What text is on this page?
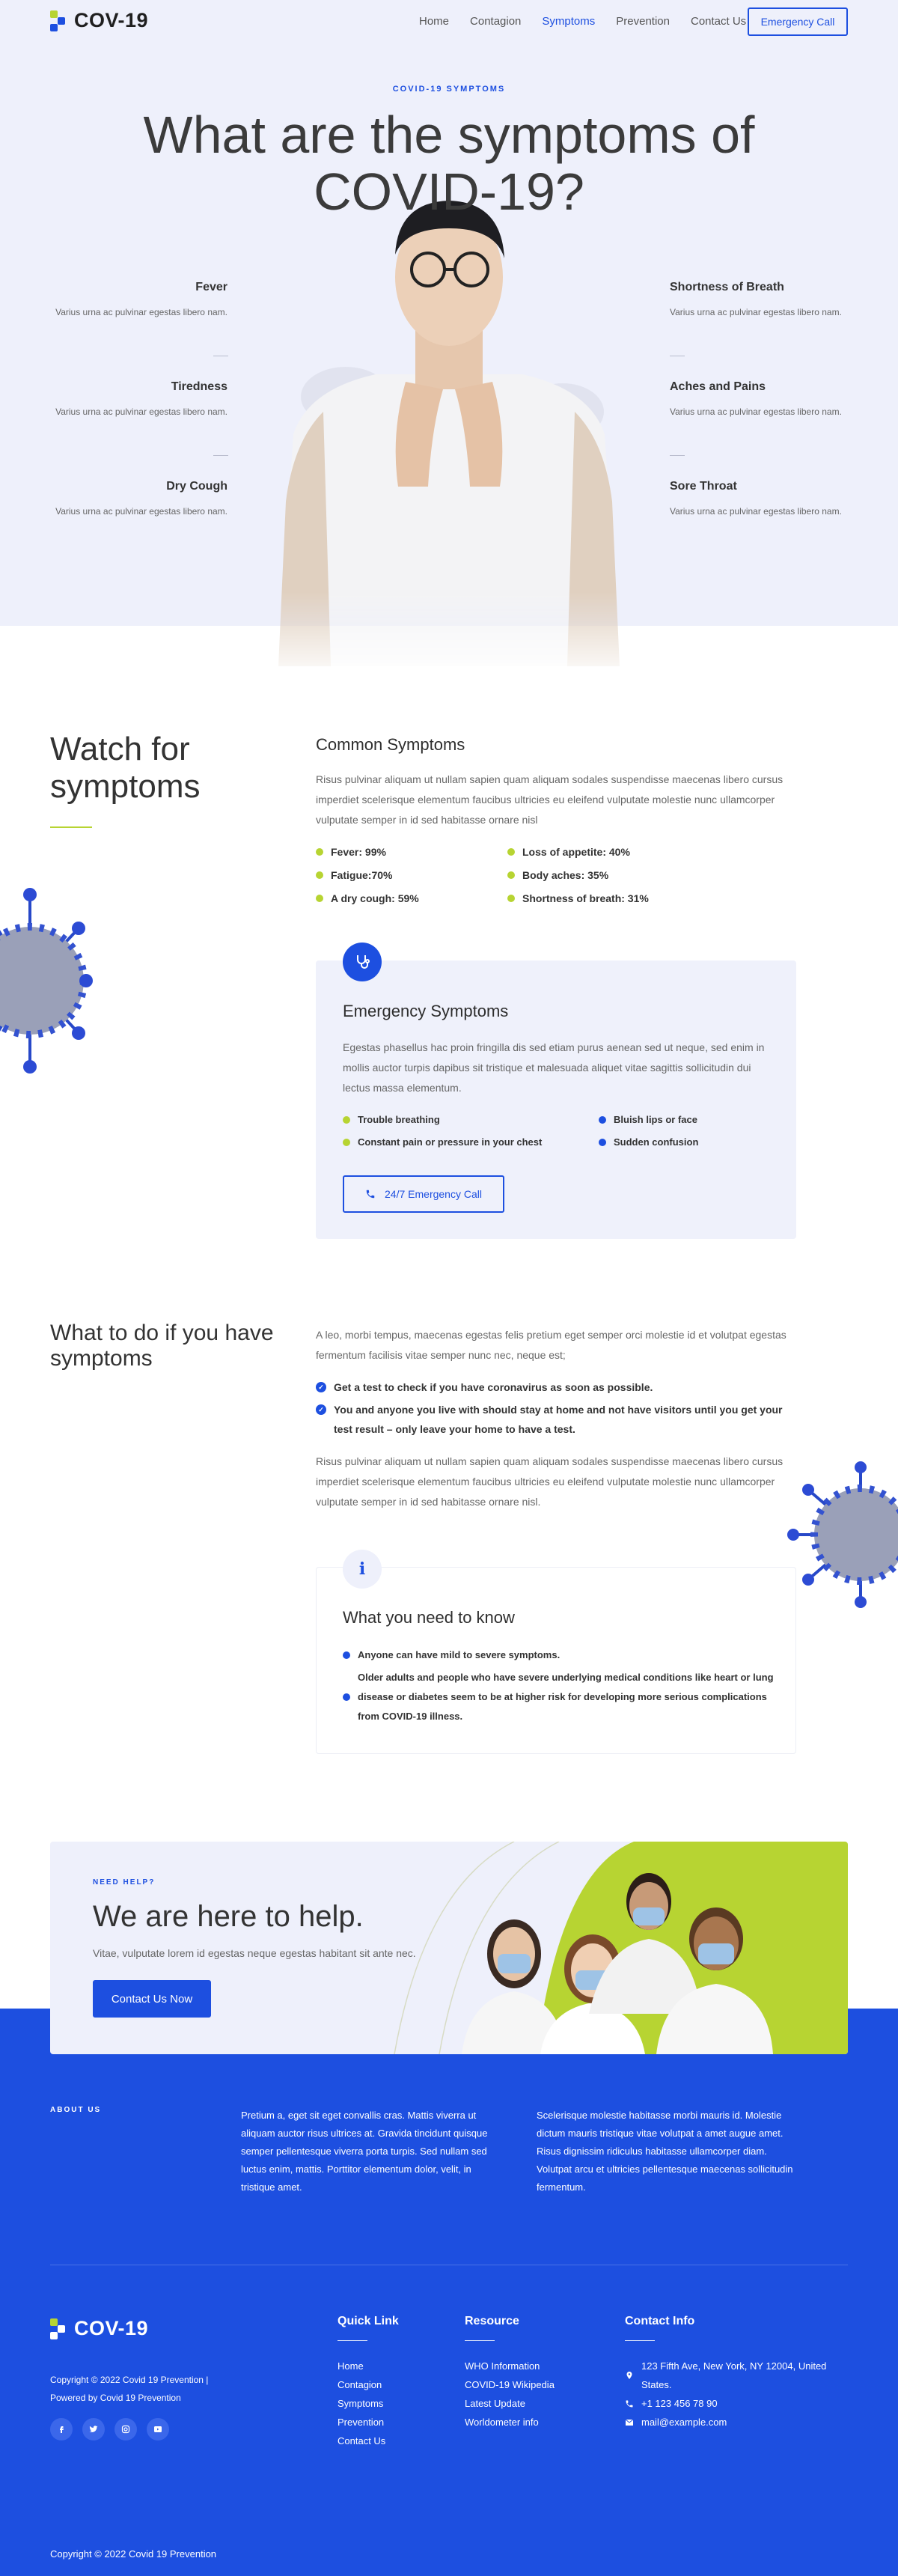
COV-19	Home	Contagion	Symptoms	Prevention	Contact Us	Emergency Call
COVID-19 SYMPTOMS
What are the symptoms of COVID-19?
Fever

Varius urna ac pulvinar egestas libero nam.

Tiredness

Varius urna ac pulvinar egestas libero nam.

Dry Cough

Varius urna ac pulvinar egestas libero nam.

Shortness of Breath

Varius urna ac pulvinar egestas libero nam.

Aches and Pains

Varius urna ac pulvinar egestas libero nam.

Sore Throat

Varius urna ac pulvinar egestas libero nam.

Watch for symptoms
Common Symptoms

Risus pulvinar aliquam ut nullam sapien quam aliquam sodales suspendisse maecenas libero cursus imperdiet scelerisque elementum faucibus ultricies eu eleifend vulputate molestie nunc ullamcorper vulputate semper in id sed habitasse ornare nisl

Fever: 99%
Fatigue:70%
A dry cough: 59%
Loss of appetite: 40%
Body aches: 35%
Shortness of breath: 31%
Emergency Symptoms

Egestas phasellus hac proin fringilla dis sed etiam purus aenean sed ut neque, sed enim in mollis auctor turpis dapibus sit tristique et malesuada aliquet vitae sagittis sollicitudin dui lectus massa elementum.

Trouble breathing
Constant pain or pressure in your chest
Bluish lips or face
Sudden confusion
24/7 Emergency Call
What to do if you have symptoms

A leo, morbi tempus, maecenas egestas felis pretium eget semper orci molestie id et volutpat egestas fermentum facilisis vitae semper nunc nec, neque est;

✓ Get a test to check if you have coronavirus as soon as possible.
✓ You and anyone you live with should stay at home and not have visitors until you get your test result – only leave your home to have a test.

Risus pulvinar aliquam ut nullam sapien quam aliquam sodales suspendisse maecenas libero cursus imperdiet scelerisque elementum faucibus ultricies eu eleifend vulputate molestie nunc ullamcorper vulputate semper in id sed habitasse ornare nisl.

i
What you need to know
Anyone can have mild to severe symptoms.
Older adults and people who have severe underlying medical conditions like heart or lung disease or diabetes seem to be at higher risk for developing more serious complications from COVID-19 illness.
NEED HELP?
We are here to help.

Vitae, vulputate lorem id egestas neque egestas habitant sit ante nec.

Contact Us Now
ABOUT US	Pretium a, eget sit eget convallis cras. Mattis viverra ut aliquam auctor risus ultrices at. Gravida tincidunt quisque semper pellentesque viverra porta turpis. Sed nullam sed luctus enim, mattis. Porttitor elementum dolor, velit, in tristique amet.

Scelerisque molestie habitasse morbi mauris id. Molestie dictum mauris tristique vitae volutpat a amet augue amet. Risus dignissim ridiculus habitasse ullamcorper diam. Volutpat arcu et ultricies pellentesque maecenas sollicitudin fermentum.

COV-19

Copyright © 2022 Covid 19 Prevention |

Powered by Covid 19 Prevention

Quick Link
Home
Contagion
Symptoms
Prevention
Contact Us
Resource
WHO Information
COVID-19 Wikipedia
Latest Update
Worldometer info
Contact Info
123 Fifth Ave, New York, NY 12004, United States.
+1 123 456 78 90
mail@example.com

Copyright © 2022 Covid 19 Prevention
